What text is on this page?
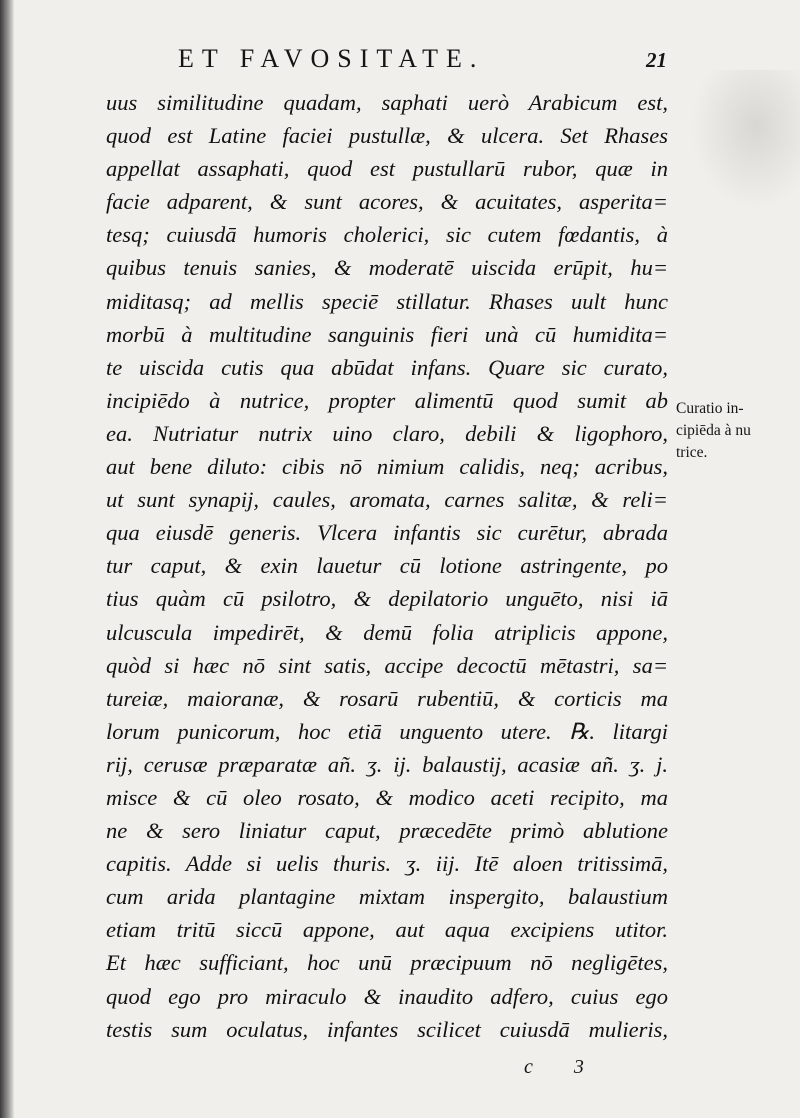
ET FAVOSITATE.	21
uus similitudine quadam, saphati uerò Arabicum est,
quod est Latine faciei pustullæ, & ulcera. Set Rhases
appellat assaphati, quod est pustullarū rubor, quæ in
facie adparent, & sunt acores, & acuitates, asperita=
tesq; cuiusdā humoris cholerici, sic cutem fœdantis, à
quibus tenuis sanies, & moderatē uiscida erūpit, hu=
miditasq; ad mellis speciē stillatur. Rhases uult hunc
morbū à multitudine sanguinis fieri unà cū humidita=
te uiscida cutis qua abūdat infans. Quare sic curato,
incipiēdo à nutrice, propter alimentū quod sumit ab
ea. Nutriatur nutrix uino claro, debili & ligophoro,
aut bene diluto: cibis nō nimium calidis, neq; acribus,
ut sunt synapij, caules, aromata, carnes salitæ, & reli=
qua eiusdē generis. Vlcera infantis sic curētur, abrada
tur caput, & exin lauetur cū lotione astringente, po
tius quàm cū psilotro, & depilatorio unguēto, nisi iā
ulcuscula impedirēt, & demū folia atriplicis appone,
quòd si hæc nō sint satis, accipe decoctū mētastri, sa=
tureiæ, maioranæ, & rosarū rubentiū, & corticis ma
lorum punicorum, hoc etiā unguento utere. ℞. litargi
rij, cerusæ præparatæ añ. ʒ. ij. balaustij, acasiæ añ. ʒ. j.
misce & cū oleo rosato, & modico aceti recipito, ma
ne & sero liniatur caput, præcedēte primò ablutione
capitis. Adde si uelis thuris. ʒ. iij. Itē aloen tritissimā,
cum arida plantagine mixtam inspergito, balaustium
etiam tritū siccū appone, aut aqua excipiens utitor.
Et hæc sufficiant, hoc unū præcipuum nō negligētes,
quod ego pro miraculo & inaudito adfero, cuius ego
testis sum oculatus, infantes scilicet cuiusdā mulieris,
Curatio in-
cipiēda à nu
trice.
c 3
